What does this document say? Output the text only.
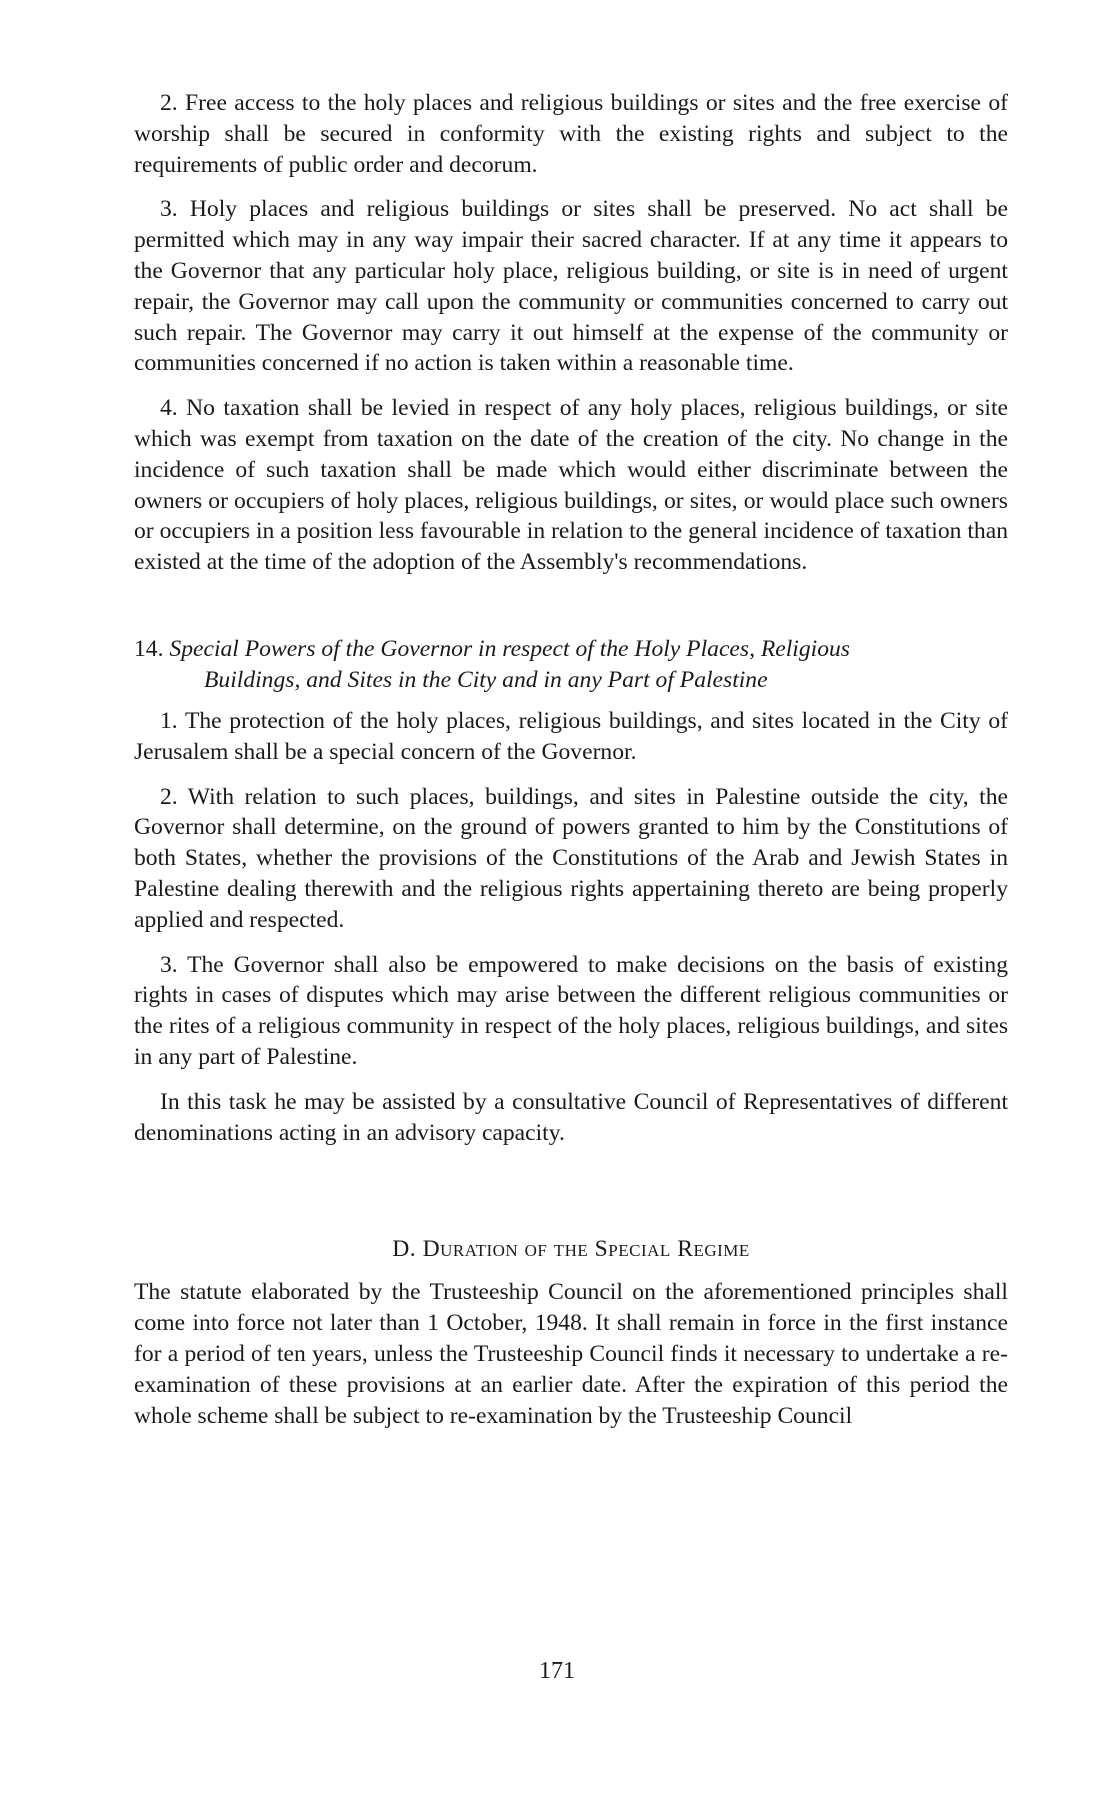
2. Free access to the holy places and religious buildings or sites and the free exercise of worship shall be secured in conformity with the existing rights and subject to the requirements of public order and decorum.

3. Holy places and religious buildings or sites shall be preserved. No act shall be permitted which may in any way impair their sacred character. If at any time it appears to the Governor that any particular holy place, religious building, or site is in need of urgent repair, the Governor may call upon the community or communities concerned to carry out such repair. The Governor may carry it out himself at the expense of the community or communities concerned if no action is taken within a reasonable time.

4. No taxation shall be levied in respect of any holy places, religious buildings, or site which was exempt from taxation on the date of the creation of the city. No change in the incidence of such taxation shall be made which would either discriminate between the owners or occupiers of holy places, religious buildings, or sites, or would place such owners or occupiers in a position less favourable in relation to the general incidence of taxation than existed at the time of the adoption of the Assembly's recommendations.

14. Special Powers of the Governor in respect of the Holy Places, Religious
Buildings, and Sites in the City and in any Part of Palestine

1. The protection of the holy places, religious buildings, and sites located in the City of Jerusalem shall be a special concern of the Governor.

2. With relation to such places, buildings, and sites in Palestine outside the city, the Governor shall determine, on the ground of powers granted to him by the Constitutions of both States, whether the provisions of the Constitutions of the Arab and Jewish States in Palestine dealing therewith and the religious rights appertaining thereto are being properly applied and respected.

3. The Governor shall also be empowered to make decisions on the basis of existing rights in cases of disputes which may arise between the different religious communities or the rites of a religious community in respect of the holy places, religious buildings, and sites in any part of Palestine.

In this task he may be assisted by a consultative Council of Representatives of different denominations acting in an advisory capacity.

D. Duration of the Special Regime

The statute elaborated by the Trusteeship Council on the aforementioned principles shall come into force not later than 1 October, 1948. It shall remain in force in the first instance for a period of ten years, unless the Trusteeship Council finds it necessary to undertake a re-examination of these provisions at an earlier date. After the expiration of this period the whole scheme shall be subject to re-examination by the Trusteeship Council

171
